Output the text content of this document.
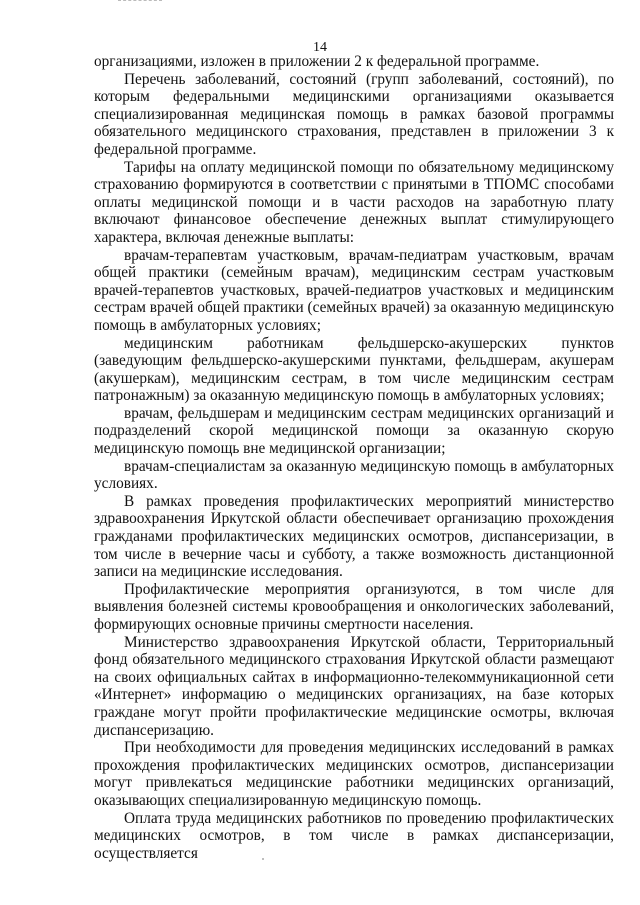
14

организациями, изложен в приложении 2 к федеральной программе.

Перечень заболеваний, состояний (групп заболеваний, состояний), по которым федеральными медицинскими организациями оказывается специализированная медицинская помощь в рамках базовой программы обязательного медицинского страхования, представлен в приложении 3 к федеральной программе.

Тарифы на оплату медицинской помощи по обязательному медицинскому страхованию формируются в соответствии с принятыми в ТПОМС способами оплаты медицинской помощи и в части расходов на заработную плату включают финансовое обеспечение денежных выплат стимулирующего характера, включая денежные выплаты:

врачам-терапевтам участковым, врачам-педиатрам участковым, врачам общей практики (семейным врачам), медицинским сестрам участковым врачей-терапевтов участковых, врачей-педиатров участковых и медицинским сестрам врачей общей практики (семейных врачей) за оказанную медицинскую помощь в амбулаторных условиях;

медицинским работникам фельдшерско-акушерских пунктов (заведующим фельдшерско-акушерскими пунктами, фельдшерам, акушерам (акушеркам), медицинским сестрам, в том числе медицинским сестрам патронажным) за оказанную медицинскую помощь в амбулаторных условиях;

врачам, фельдшерам и медицинским сестрам медицинских организаций и подразделений скорой медицинской помощи за оказанную скорую медицинскую помощь вне медицинской организации;

врачам-специалистам за оказанную медицинскую помощь в амбулаторных условиях.

В рамках проведения профилактических мероприятий министерство здравоохранения Иркутской области обеспечивает организацию прохождения гражданами профилактических медицинских осмотров, диспансеризации, в том числе в вечерние часы и субботу, а также возможность дистанционной записи на медицинские исследования.

Профилактические мероприятия организуются, в том числе для выявления болезней системы кровообращения и онкологических заболеваний, формирующих основные причины смертности населения.

Министерство здравоохранения Иркутской области, Территориальный фонд обязательного медицинского страхования Иркутской области размещают на своих официальных сайтах в информационно-телекоммуникационной сети «Интернет» информацию о медицинских организациях, на базе которых граждане могут пройти профилактические медицинские осмотры, включая диспансеризацию.

При необходимости для проведения медицинских исследований в рамках прохождения профилактических медицинских осмотров, диспансеризации могут привлекаться медицинские работники медицинских организаций, оказывающих специализированную медицинскую помощь.

Оплата труда медицинских работников по проведению профилактических медицинских осмотров, в том числе в рамках диспансеризации, осуществляется
